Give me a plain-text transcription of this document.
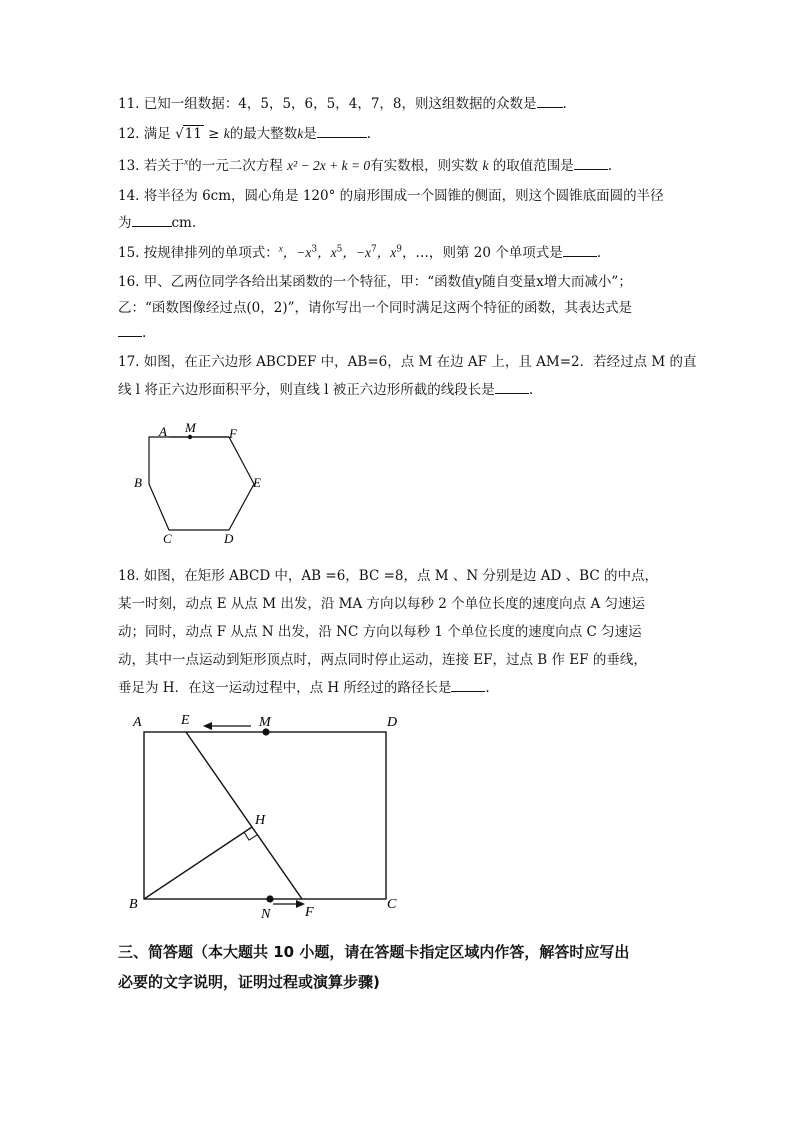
11. 已知一组数据：4，5，5，6，5，4，7，8，则这组数据的众数是 .
12. 满足 √11 ≥ k的最大整数k是	.
13. 若关于$^x$的一元二次方程 x² − 2x + k = 0有实数根，则实数 k 的取值范围是	.
14. 将半径为 6cm，圆心角是 120° 的扇形围成一个圆锥的侧面，则这个圆锥底面圆的半径
为	cm.
15. 按规律排列的单项式：$^x$，$-x^3$，$x^5$，$-x^7$，$x^9$，…，则第 20 个单项式是	.
16. 甲、乙两位同学各给出某函数的一个特征，甲：“函数值y随自变量x增大而减小”；
乙：“函数图像经过点(0，2)”，请你写出一个同时满足这两个特征的函数，其表达式是
.
17. 如图，在正六边形 ABCDEF 中，AB=6，点 M 在边 AF 上，且 AM=2．若经过点 M 的直
线 l 将正六边形面积平分，则直线 l 被正六边形所截的线段长是	.
A M	F
B	E
C	D
18. 如图，在矩形 ABCD 中，AB =6，BC =8，点 M 、N 分别是边 AD 、BC 的中点，
某一时刻，动点 E 从点 M 出发，沿 MA 方向以每秒 2 个单位长度的速度向点 A 匀速运
动；同时，动点 F 从点 N 出发，沿 NC 方向以每秒 1 个单位长度的速度向点 C 匀速运
动，其中一点运动到矩形顶点时，两点同时停止运动，连接 EF，过点 B 作 EF 的垂线，
垂足为 H．在这一运动过程中，点 H 所经过的路径长是	.
A	E	M	D
H
B
N F
C
三、简答题（本大题共 10 小题，请在答题卡指定区域内作答，解答时应写出
必要的文字说明，证明过程或演算步骤)
